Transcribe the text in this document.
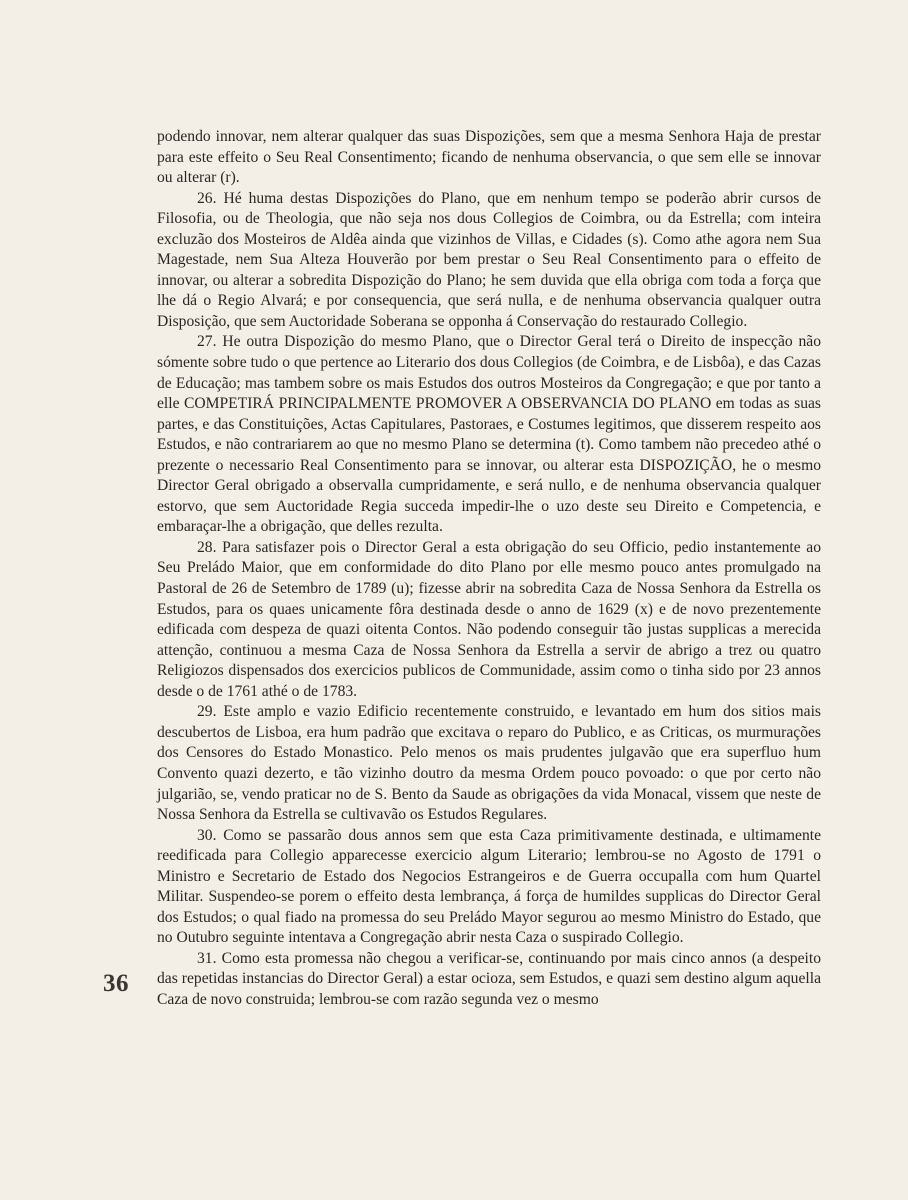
podendo innovar, nem alterar qualquer das suas Dispozições, sem que a mesma Senhora Haja de prestar para este effeito o Seu Real Consentimento; ficando de nenhuma observancia, o que sem elle se innovar ou alterar (r).

26. Hé huma destas Dispozições do Plano, que em nenhum tempo se poderão abrir cursos de Filosofia, ou de Theologia, que não seja nos dous Collegios de Coimbra, ou da Estrella; com inteira excluzão dos Mosteiros de Aldêa ainda que vizinhos de Villas, e Cidades (s). Como athe agora nem Sua Magestade, nem Sua Alteza Houverão por bem prestar o Seu Real Consentimento para o effeito de innovar, ou alterar a sobredita Dispozição do Plano; he sem duvida que ella obriga com toda a força que lhe dá o Regio Alvará; e por consequencia, que será nulla, e de nenhuma observancia qualquer outra Disposição, que sem Auctoridade Soberana se opponha á Conservação do restaurado Collegio.

27. He outra Dispozição do mesmo Plano, que o Director Geral terá o Direito de inspecção não sómente sobre tudo o que pertence ao Literario dos dous Collegios (de Coimbra, e de Lisbôa), e das Cazas de Educação; mas tambem sobre os mais Estudos dos outros Mosteiros da Congregação; e que por tanto a elle COMPETIRÁ PRINCIPALMENTE PROMOVER A OBSERVANCIA DO PLANO em todas as suas partes, e das Constituições, Actas Capitulares, Pastoraes, e Costumes legitimos, que disserem respeito aos Estudos, e não contrariarem ao que no mesmo Plano se determina (t). Como tambem não precedeo athé o prezente o necessario Real Consentimento para se innovar, ou alterar esta DISPOZIÇÃO, he o mesmo Director Geral obrigado a observalla cumpridamente, e será nullo, e de nenhuma observancia qualquer estorvo, que sem Auctoridade Regia succeda impedir-lhe o uzo deste seu Direito e Competencia, e embaraçar-lhe a obrigação, que delles rezulta.

28. Para satisfazer pois o Director Geral a esta obrigação do seu Officio, pedio instantemente ao Seu Preládo Maior, que em conformidade do dito Plano por elle mesmo pouco antes promulgado na Pastoral de 26 de Setembro de 1789 (u); fizesse abrir na sobredita Caza de Nossa Senhora da Estrella os Estudos, para os quaes unicamente fôra destinada desde o anno de 1629 (x) e de novo prezentemente edificada com despeza de quazi oitenta Contos. Não podendo conseguir tão justas supplicas a merecida attenção, continuou a mesma Caza de Nossa Senhora da Estrella a servir de abrigo a trez ou quatro Religiozos dispensados dos exercicios publicos de Communidade, assim como o tinha sido por 23 annos desde o de 1761 athé o de 1783.

29. Este amplo e vazio Edificio recentemente construido, e levantado em hum dos sitios mais descubertos de Lisboa, era hum padrão que excitava o reparo do Publico, e as Criticas, os murmurações dos Censores do Estado Monastico. Pelo menos os mais prudentes julgavão que era superfluo hum Convento quazi dezerto, e tão vizinho doutro da mesma Ordem pouco povoado: o que por certo não julgarião, se, vendo praticar no de S. Bento da Saude as obrigações da vida Monacal, vissem que neste de Nossa Senhora da Estrella se cultivavão os Estudos Regulares.

30. Como se passarão dous annos sem que esta Caza primitivamente destinada, e ultimamente reedificada para Collegio apparecesse exercicio algum Literario; lembrou-se no Agosto de 1791 o Ministro e Secretario de Estado dos Negocios Estrangeiros e de Guerra occupalla com hum Quartel Militar. Suspendeo-se porem o effeito desta lembrança, á força de humildes supplicas do Director Geral dos Estudos; o qual fiado na promessa do seu Preládo Mayor segurou ao mesmo Ministro do Estado, que no Outubro seguinte intentava a Congregação abrir nesta Caza o suspirado Collegio.

31. Como esta promessa não chegou a verificar-se, continuando por mais cinco annos (a despeito das repetidas instancias do Director Geral) a estar ocioza, sem Estudos, e quazi sem destino algum aquella Caza de novo construida; lembrou-se com razão segunda vez o mesmo

36
